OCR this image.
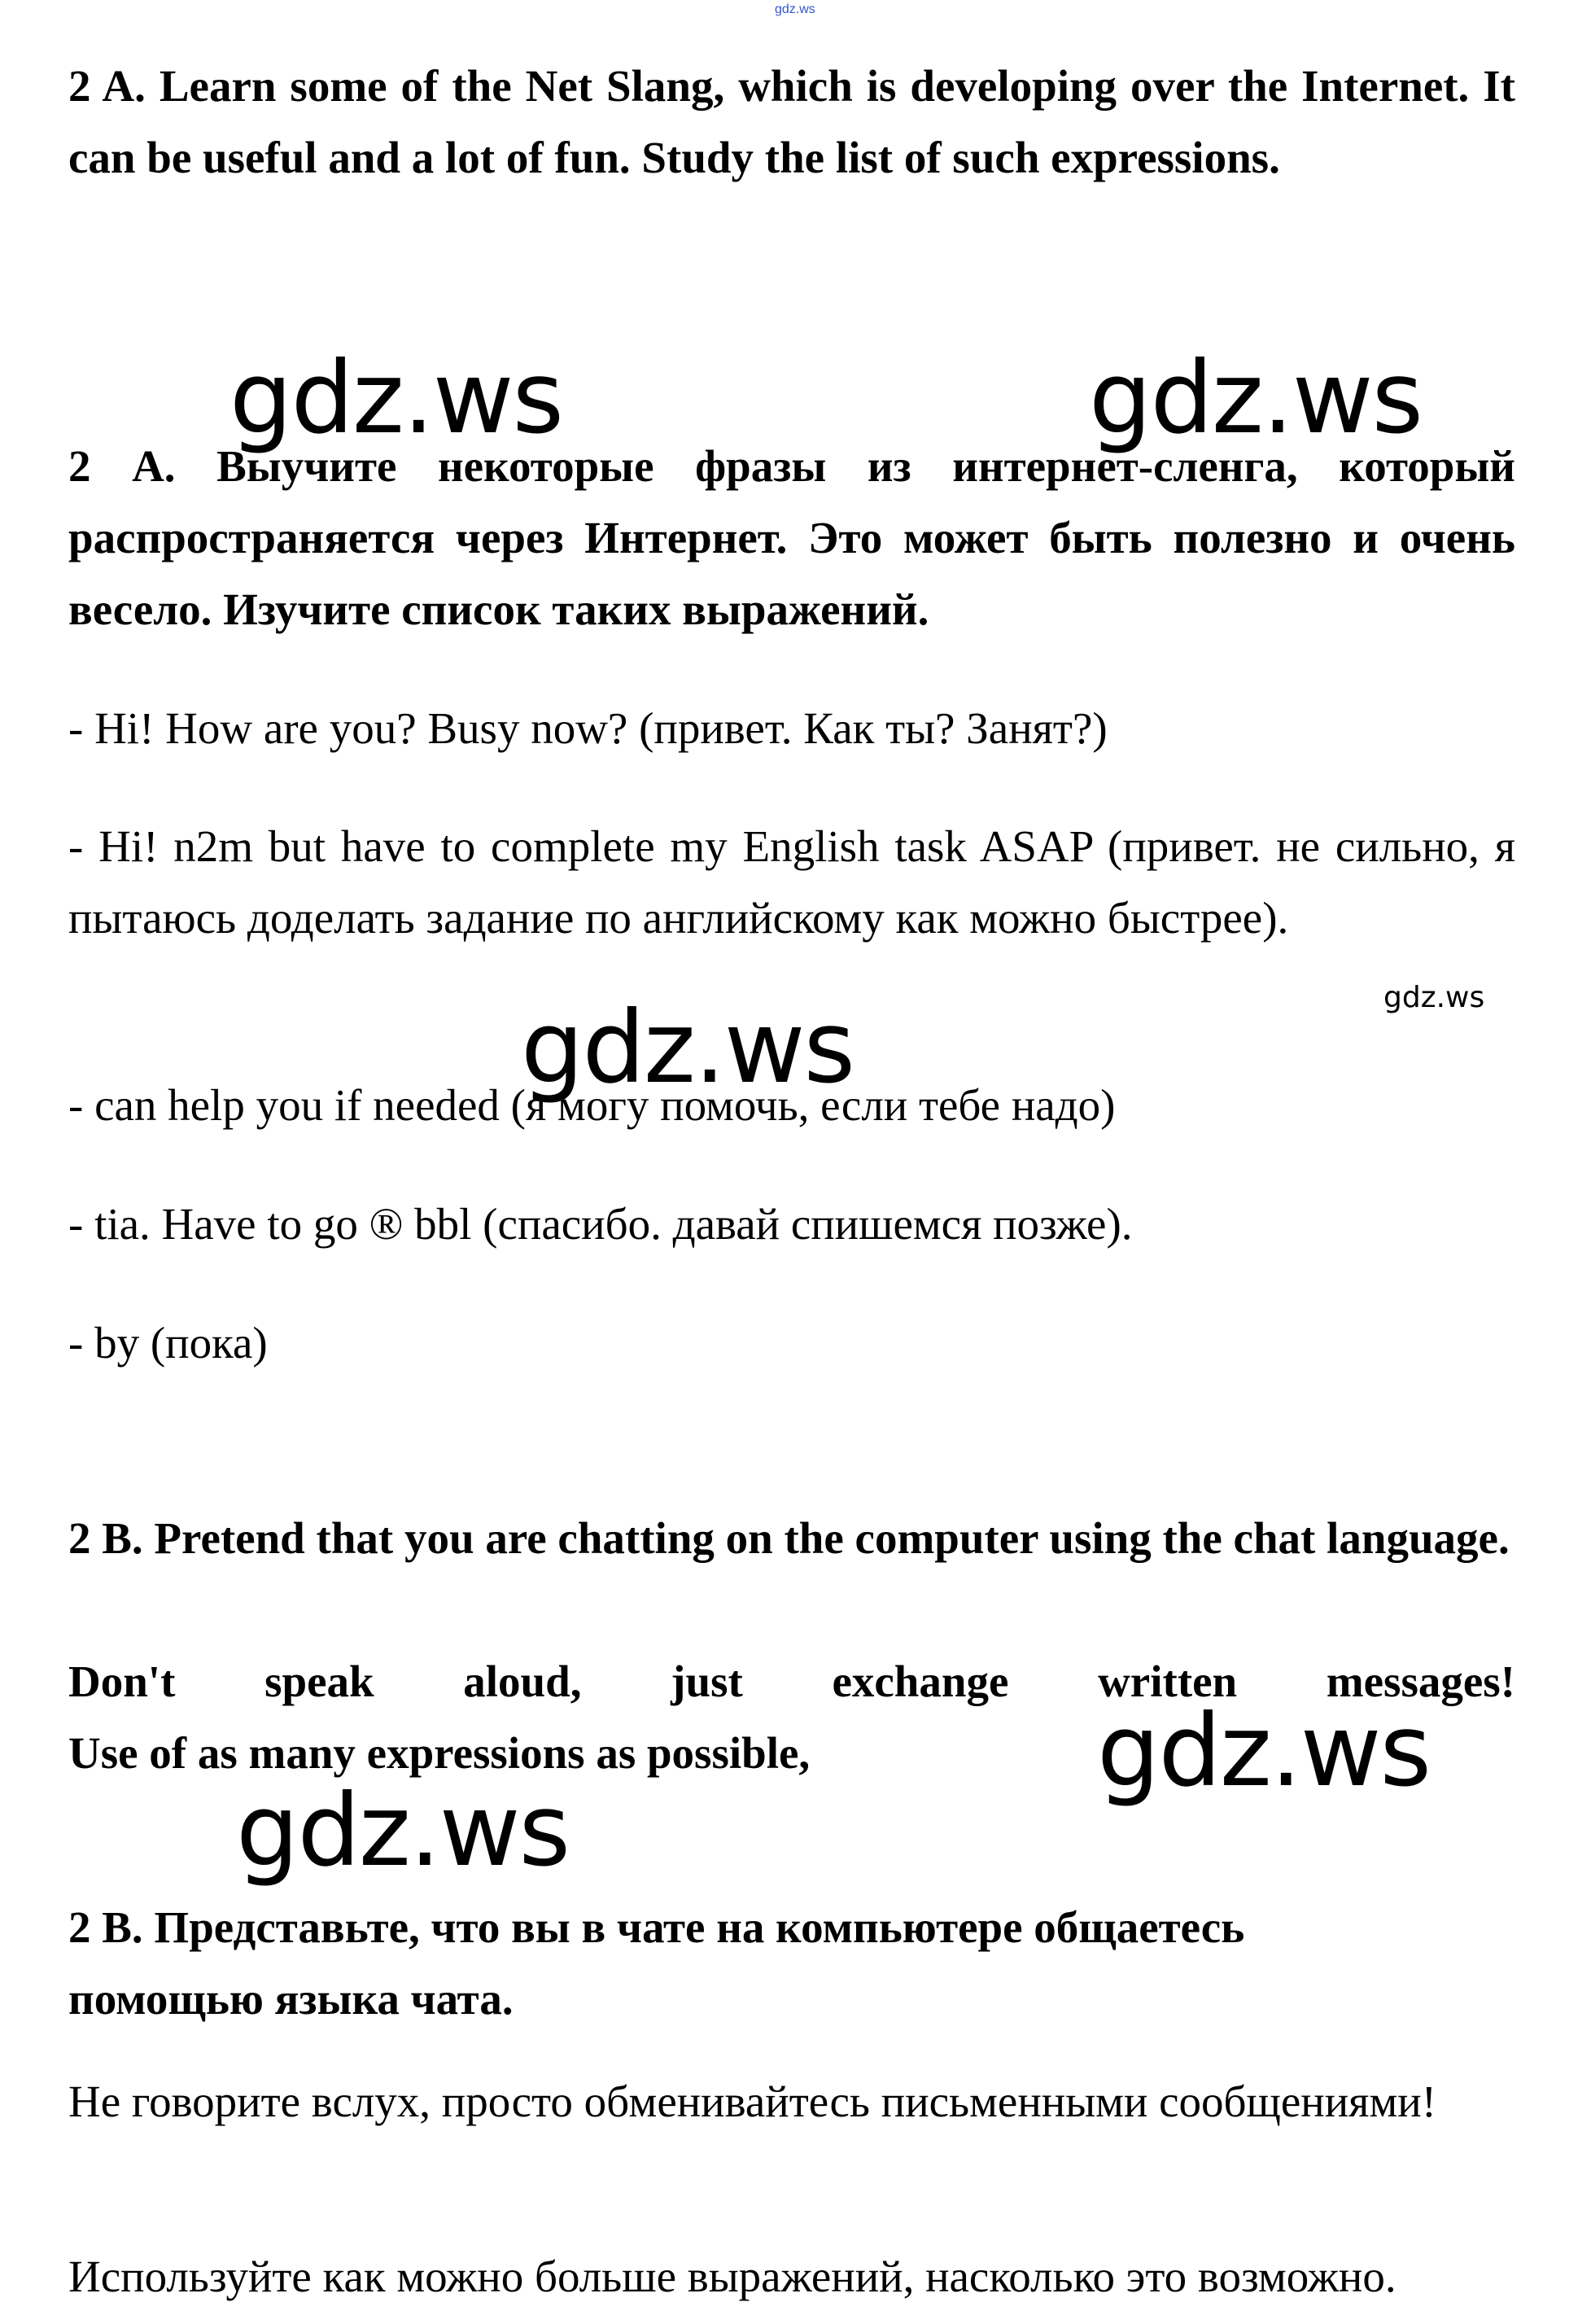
gdz.ws

2 A. Learn some of the Net Slang, which is developing over the Internet. It can be useful and a lot of fun. Study the list of such expressions.

2 А. Выучите некоторые фразы из интернет-сленга, который распространяется через Интернет. Это может быть полезно и очень весело. Изучите список таких выражений.

- Hi! How are you? Busy now? (привет. Как ты? Занят?)

- Hi! n2m but have to complete my English task ASAP (привет. не сильно, я пытаюсь доделать задание по английскому как можно быстрее).

- can help you if needed (я могу помочь, если тебе надо)

- tia. Have to go ® bbl (спасибо. давай спишемся позже).

- by (пока)

2 B. Pretend that you are chatting on the computer using the chat language.

Don't speak aloud, just exchange written messages!

Use of as many expressions as possible,

2 В. Представьте, что вы в чате на компьютере общаетесь помощью языка чата.

Не говорите вслух, просто обменивайтесь письменными сообщениями!

Используйте как можно больше выражений, насколько это возможно.

gdz.ws	gdz.ws
gdz.ws	gdz.ws
gdz.ws
gdz.ws
